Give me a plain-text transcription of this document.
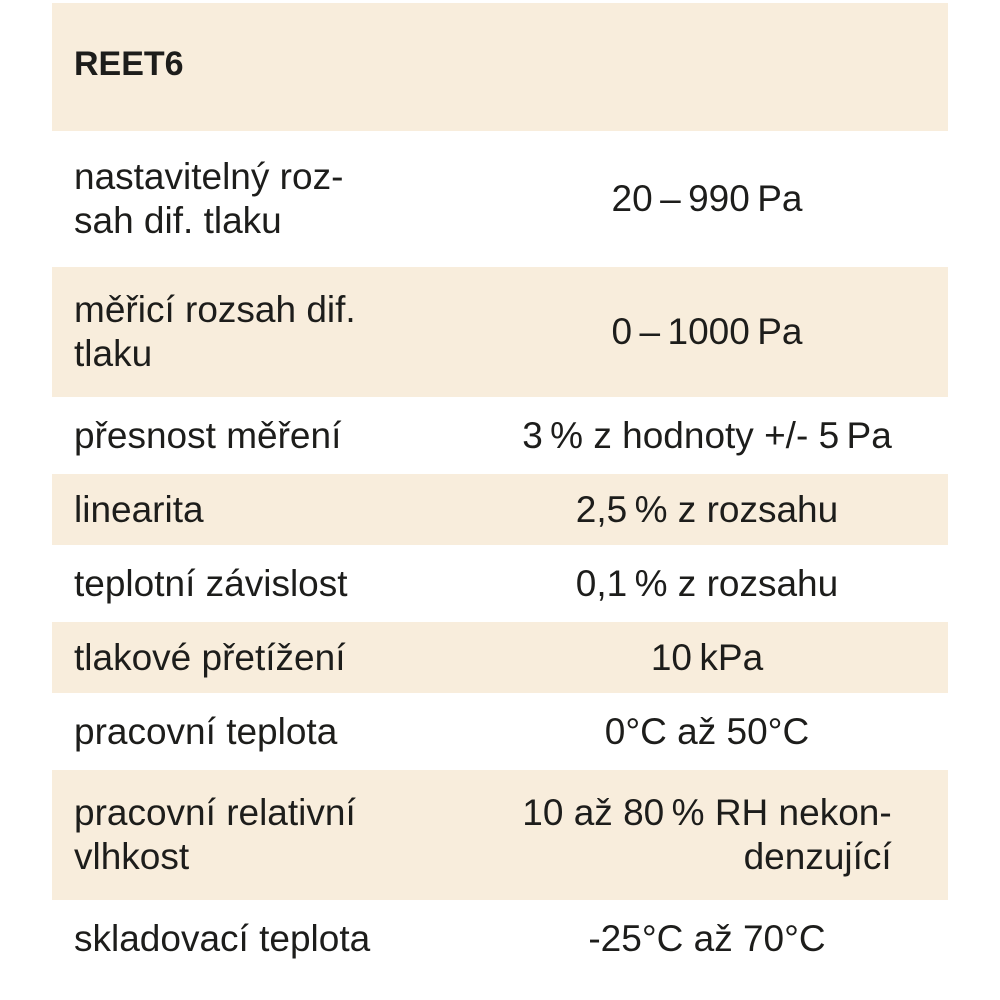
REET6	
nastavitelný roz-
sah dif. tlaku	20 – 990 Pa
měřicí rozsah dif.
tlaku	0 – 1000 Pa
přesnost měření	3 % z hodnoty +/- 5 Pa
linearita	2,5 % z rozsahu
teplotní závislost	0,1 % z rozsahu
tlakové přetížení	10 kPa
pracovní teplota	0°C až 50°C
pracovní relativní
vlhkost	10 až 80 % RH nekon-
denzující
skladovací teplota	-25°C až 70°C
